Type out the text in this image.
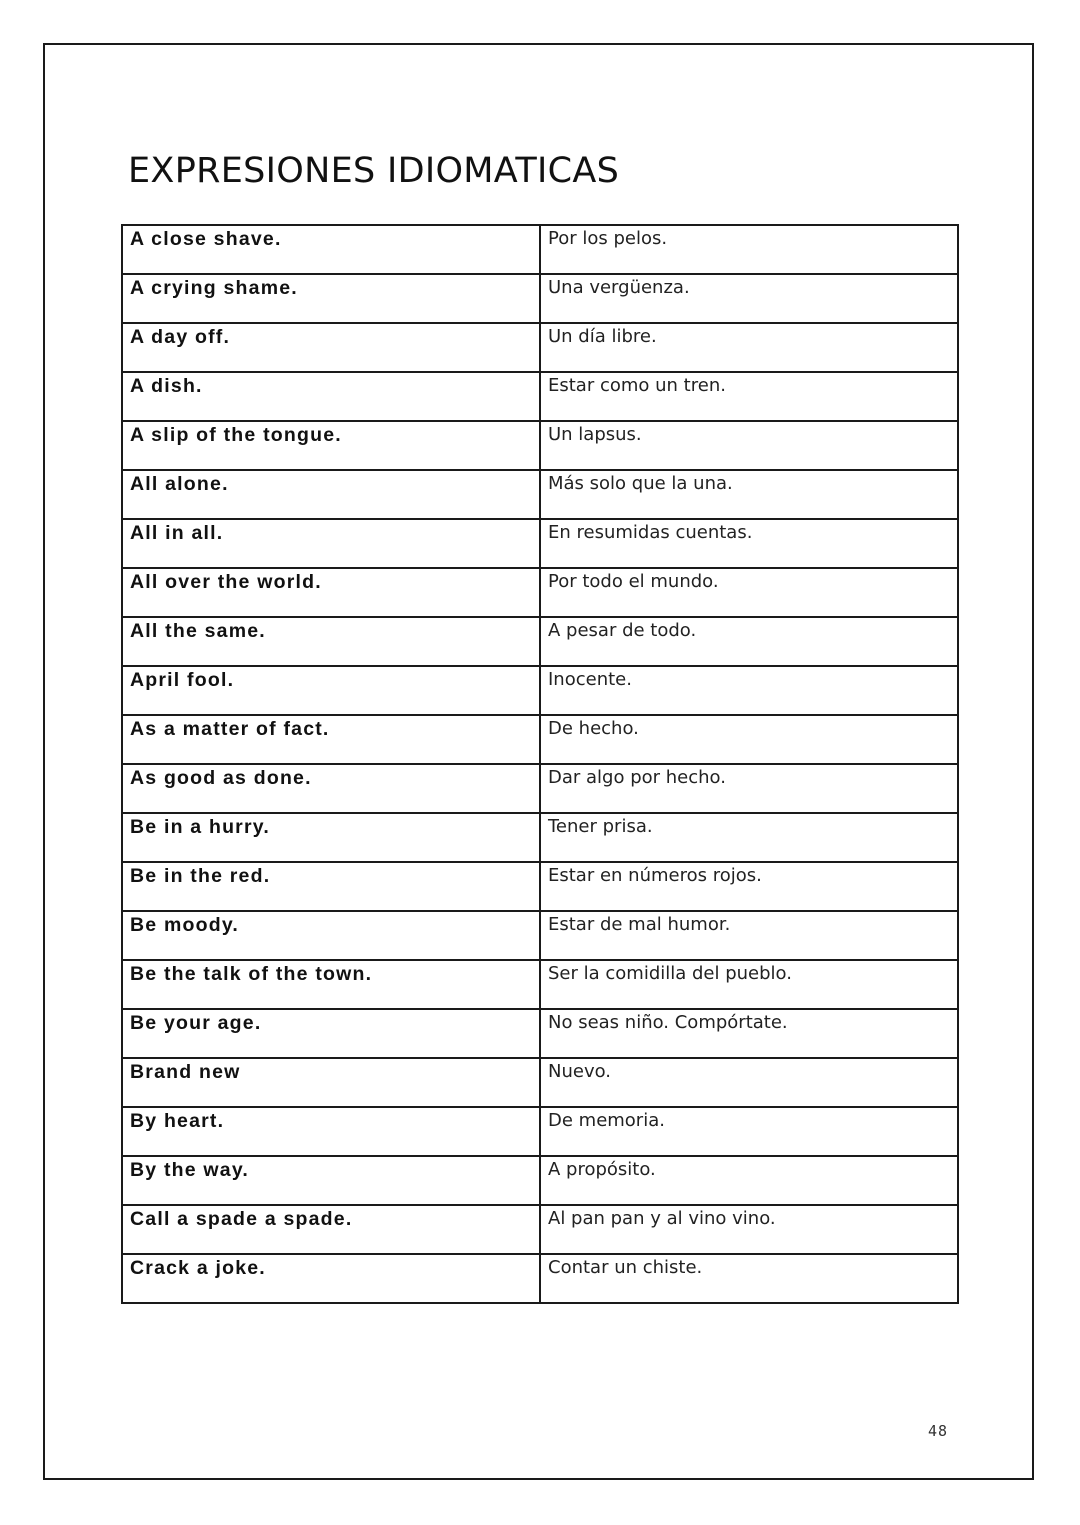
EXPRESIONES IDIOMATICAS
A close shave.	Por los pelos.
A crying shame.	Una vergüenza.
A day off.	Un día libre.
A dish.	Estar como un tren.
A slip of the tongue.	Un lapsus.
All alone.	Más solo que la una.
All in all.	En resumidas cuentas.
All over the world.	Por todo el mundo.
All the same.	A pesar de todo.
April fool.	Inocente.
As a matter of fact.	De hecho.
As good as done.	Dar algo por hecho.
Be in a hurry.	Tener prisa.
Be in the red.	Estar en números rojos.
Be moody.	Estar de mal humor.
Be the talk of the town.	Ser la comidilla del pueblo.
Be your age.	No seas niño. Compórtate.
Brand new	Nuevo.
By heart.	De memoria.
By the way.	A propósito.
Call a spade a spade.	Al pan pan y al vino vino.
Crack a joke.	Contar un chiste.
48
